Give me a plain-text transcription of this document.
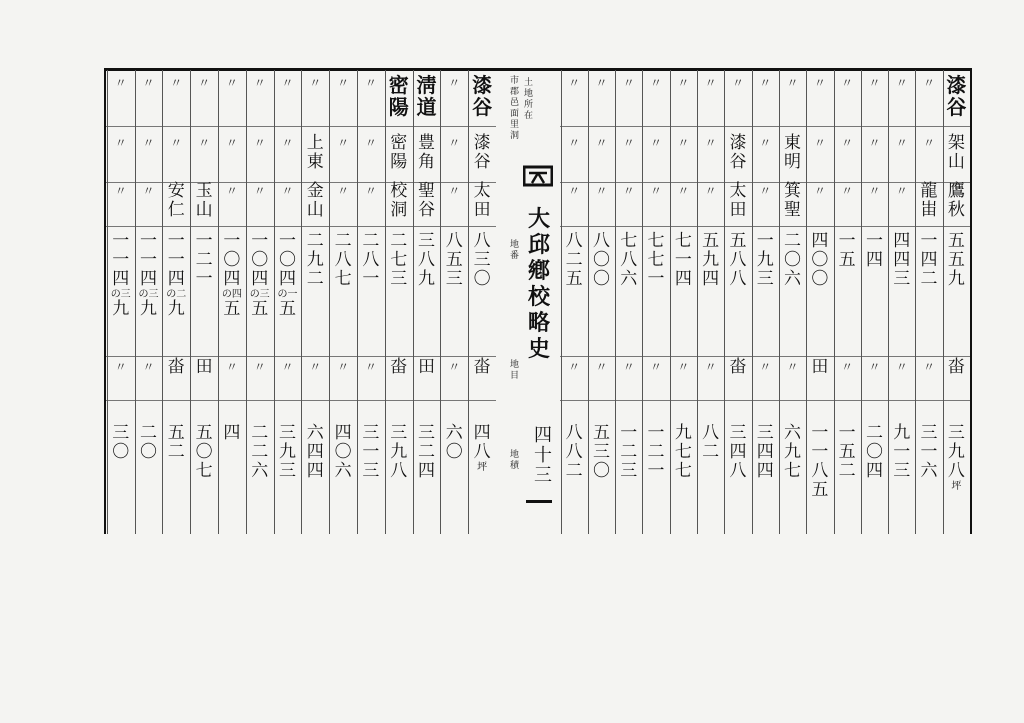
漆
谷
架
山
鷹
秋
五
五
九
畓
三
九
八
坪
〃
〃
龍
峀
一
四
二
〃
三
一
六
〃
〃
〃
四
四
三
〃
九
一
三
〃
〃
〃
一
四
〃
二
〇
四
〃
〃
〃
一
五
〃
一
五
二
〃
〃
〃
四
〇
〇
田
一
一
八
五
〃
東
明
箕
聖
二
〇
六
〃
六
九
七
〃
〃
〃
一
九
三
〃
三
四
四
〃
漆
谷
太
田
五
八
八
畓
三
四
八
〃
〃
〃
五
九
四
〃
八
二
〃
〃
〃
七
一
四
〃
九
七
七
〃
〃
〃
七
七
一
〃
一
二
一
〃
〃
〃
七
八
六
〃
一
二
三
〃
〃
〃
八
〇
〇
〃
五
三
〇
〃
〃
〃
八
二
五
〃
八
八
二
漆
谷
漆
谷
太
田
八
三
〇
畓
四
八
坪
〃
〃
〃
八
五
三
〃
六
〇
淸
道
豊
角
聖
谷
三
八
九
田
三
二
四
密
陽
密
陽
校
洞
二
七
三
畓
三
九
八
〃
〃
〃
二
八
一
〃
三
一
三
〃
〃
〃
二
八
七
〃
四
〇
六
〃
上
東
金
山
二
九
二
〃
六
四
四
〃
〃
〃
一
〇
四
の一
五
〃
三
九
三
〃
〃
〃
一
〇
四
の三
五
〃
二
二
六
〃
〃
〃
一
〇
四
の四
五
〃
四
〃
〃
玉
山
一
二
一
田
五
〇
七
〃
〃
安
仁
一
一
四
の二
九
畓
五
二
〃
〃
〃
一
一
四
の三
九
〃
二
〇
〃
〃
〃
一
一
四
の三
九
〃
三
〇
市
郡
邑
面
里
洞
土
地
所
在
地
番
地
目
地
積
大
邱
鄕
校
略
史
四
十
三
